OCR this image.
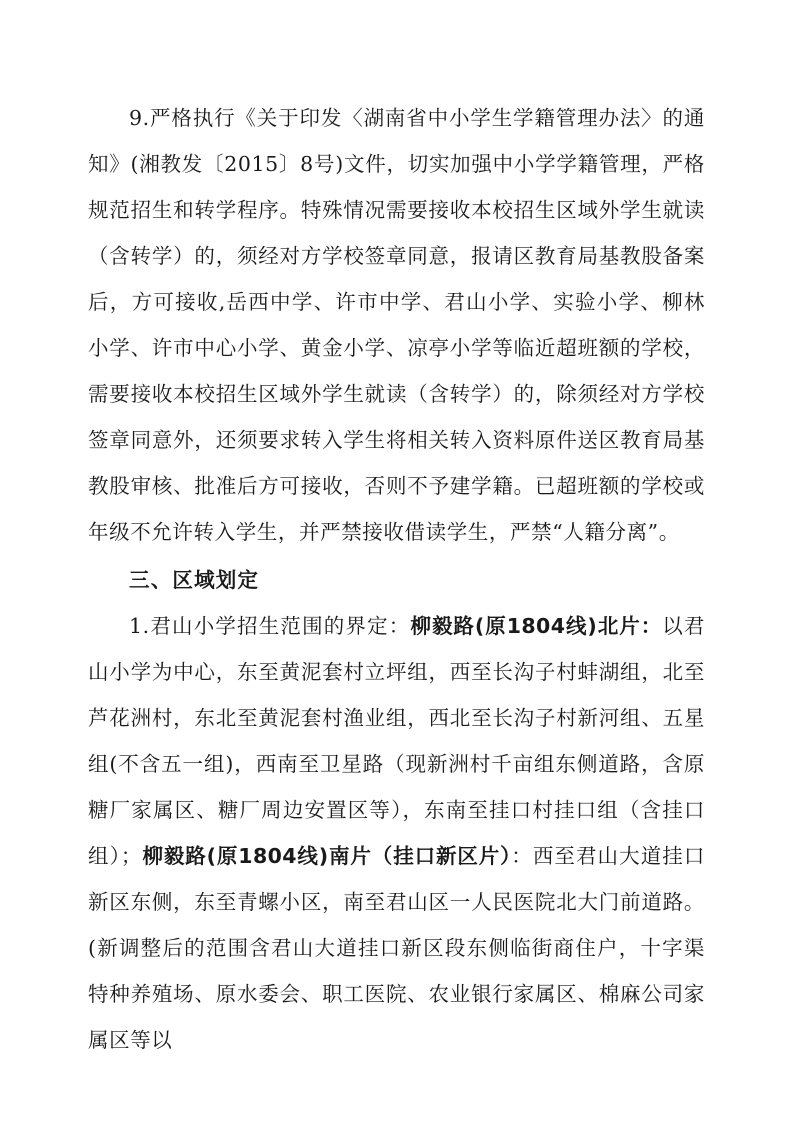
9.严格执行《关于印发〈湖南省中小学生学籍管理办法〉的通知》(湘教发〔2015〕8号)文件，切实加强中小学学籍管理，严格规范招生和转学程序。特殊情况需要接收本校招生区域外学生就读（含转学）的，须经对方学校签章同意，报请区教育局基教股备案后，方可接收,岳西中学、许市中学、君山小学、实验小学、柳林小学、许市中心小学、黄金小学、凉亭小学等临近超班额的学校，需要接收本校招生区域外学生就读（含转学）的，除须经对方学校签章同意外，还须要求转入学生将相关转入资料原件送区教育局基教股审核、批准后方可接收，否则不予建学籍。已超班额的学校或年级不允许转入学生，并严禁接收借读学生，严禁“人籍分离”。

三、区域划定

1.君山小学招生范围的界定：柳毅路(原1804线)北片：以君山小学为中心，东至黄泥套村立坪组，西至长沟子村蚌湖组，北至芦花洲村，东北至黄泥套村渔业组，西北至长沟子村新河组、五星组(不含五一组)，西南至卫星路（现新洲村千亩组东侧道路，含原糖厂家属区、糖厂周边安置区等），东南至挂口村挂口组（含挂口组）；柳毅路(原1804线)南片（挂口新区片）：西至君山大道挂口新区东侧，东至青螺小区，南至君山区一人民医院北大门前道路。(新调整后的范围含君山大道挂口新区段东侧临街商住户，十字渠特种养殖场、原水委会、职工医院、农业银行家属区、棉麻公司家属区等以
